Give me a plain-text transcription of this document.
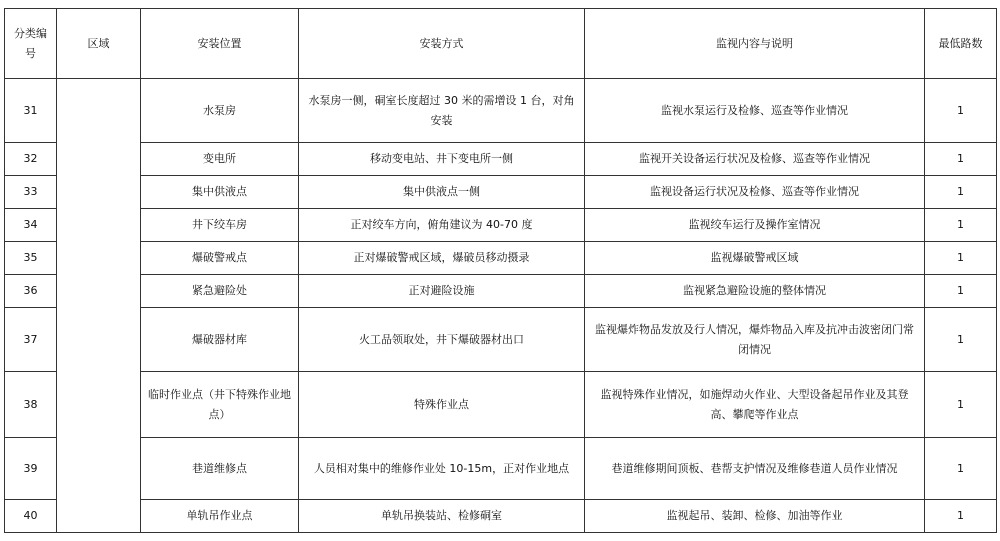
分类编号	区域	安装位置	安装方式	监视内容与说明	最低路数
31		水泵房	水泵房一侧，硐室长度超过 30 米的需增设 1 台，对角安装	监视水泵运行及检修、巡查等作业情况	1
32		变电所	移动变电站、井下变电所一侧	监视开关设备运行状况及检修、巡查等作业情况	1
33		集中供液点	集中供液点一侧	监视设备运行状况及检修、巡查等作业情况	1
34		井下绞车房	正对绞车方向，俯角建议为 40-70 度	监视绞车运行及操作室情况	1
35		爆破警戒点	正对爆破警戒区域，爆破员移动摄录	监视爆破警戒区域	1
36		紧急避险处	正对避险设施	监视紧急避险设施的整体情况	1
37		爆破器材库	火工品领取处，井下爆破器材出口	监视爆炸物品发放及行人情况，爆炸物品入库及抗冲击波密闭门常闭情况	1
38		临时作业点（井下特殊作业地点）	特殊作业点	监视特殊作业情况，如施焊动火作业、大型设备起吊作业及其登高、攀爬等作业点	1
39		巷道维修点	人员相对集中的维修作业处 10-15m，正对作业地点	巷道维修期间顶板、巷帮支护情况及维修巷道人员作业情况	1
40		单轨吊作业点	单轨吊换装站、检修硐室	监视起吊、装卸、检修、加油等作业	1
